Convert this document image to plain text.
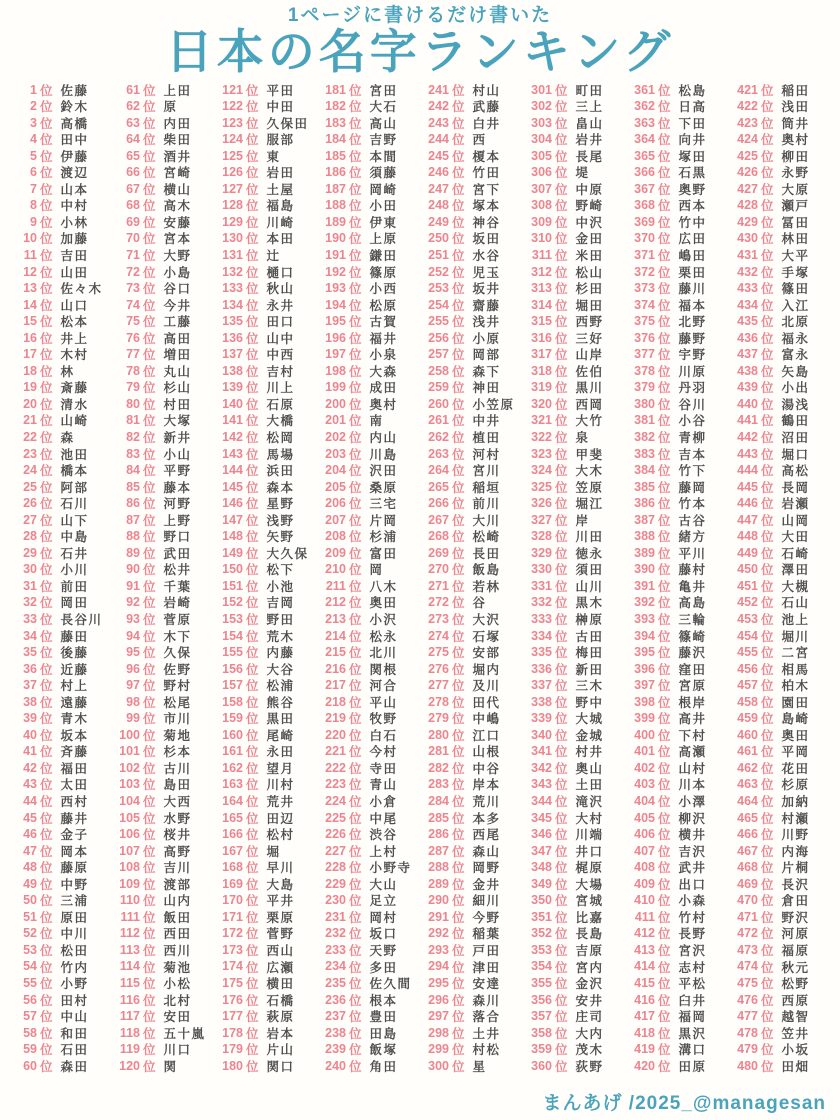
1ページに書けるだけ書いた
日本の名字ランキング
1 位 佐藤
2 位 鈴木
3 位 高橋
4 位 田中
5 位 伊藤
6 位 渡辺
7 位 山本
8 位 中村
9 位 小林
10 位 加藤
11 位 吉田
12 位 山田
13 位 佐々木
14 位 山口
15 位 松本
16 位 井上
17 位 木村
18 位 林
19 位 斎藤
20 位 清水
21 位 山崎
22 位 森
23 位 池田
24 位 橋本
25 位 阿部
26 位 石川
27 位 山下
28 位 中島
29 位 石井
30 位 小川
31 位 前田
32 位 岡田
33 位 長谷川
34 位 藤田
35 位 後藤
36 位 近藤
37 位 村上
38 位 遠藤
39 位 青木
40 位 坂本
41 位 斉藤
42 位 福田
43 位 太田
44 位 西村
45 位 藤井
46 位 金子
47 位 岡本
48 位 藤原
49 位 中野
50 位 三浦
51 位 原田
52 位 中川
53 位 松田
54 位 竹内
55 位 小野
56 位 田村
57 位 中山
58 位 和田
59 位 石田
60 位 森田
61 位 上田
62 位 原
63 位 内田
64 位 柴田
65 位 酒井
66 位 宮崎
67 位 横山
68 位 高木
69 位 安藤
70 位 宮本
71 位 大野
72 位 小島
73 位 谷口
74 位 今井
75 位 工藤
76 位 高田
77 位 増田
78 位 丸山
79 位 杉山
80 位 村田
81 位 大塚
82 位 新井
83 位 小山
84 位 平野
85 位 藤本
86 位 河野
87 位 上野
88 位 野口
89 位 武田
90 位 松井
91 位 千葉
92 位 岩崎
93 位 菅原
94 位 木下
95 位 久保
96 位 佐野
97 位 野村
98 位 松尾
99 位 市川
100 位 菊地
101 位 杉本
102 位 古川
103 位 島田
104 位 大西
105 位 水野
106 位 桜井
107 位 高野
108 位 吉川
109 位 渡部
110 位 山内
111 位 飯田
112 位 西田
113 位 西川
114 位 菊池
115 位 小松
116 位 北村
117 位 安田
118 位 五十嵐
119 位 川口
120 位 関
121 位 平田
122 位 中田
123 位 久保田
124 位 服部
125 位 東
126 位 岩田
127 位 土屋
128 位 福島
129 位 川崎
130 位 本田
131 位 辻
132 位 樋口
133 位 秋山
134 位 永井
135 位 田口
136 位 山中
137 位 中西
138 位 吉村
139 位 川上
140 位 石原
141 位 大橋
142 位 松岡
143 位 馬場
144 位 浜田
145 位 森本
146 位 星野
147 位 浅野
148 位 矢野
149 位 大久保
150 位 松下
151 位 小池
152 位 吉岡
153 位 野田
154 位 荒木
155 位 内藤
156 位 大谷
157 位 松浦
158 位 熊谷
159 位 黒田
160 位 尾崎
161 位 永田
162 位 望月
163 位 川村
164 位 荒井
165 位 田辺
166 位 松村
167 位 堀
168 位 早川
169 位 大島
170 位 平井
171 位 栗原
172 位 菅野
173 位 西山
174 位 広瀬
175 位 横田
176 位 石橋
177 位 萩原
178 位 岩本
179 位 片山
180 位 関口
181 位 宮田
182 位 大石
183 位 高山
184 位 吉野
185 位 本間
186 位 須藤
187 位 岡崎
188 位 小田
189 位 伊東
190 位 上原
191 位 鎌田
192 位 篠原
193 位 小西
194 位 松原
195 位 古賀
196 位 福井
197 位 小泉
198 位 大森
199 位 成田
200 位 奥村
201 位 南
202 位 内山
203 位 川島
204 位 沢田
205 位 桑原
206 位 三宅
207 位 片岡
208 位 杉浦
209 位 富田
210 位 岡
211 位 八木
212 位 奥田
213 位 小沢
214 位 松永
215 位 北川
216 位 関根
217 位 河合
218 位 平山
219 位 牧野
220 位 白石
221 位 今村
222 位 寺田
223 位 青山
224 位 小倉
225 位 中尾
226 位 渋谷
227 位 上村
228 位 小野寺
229 位 大山
230 位 足立
231 位 岡村
232 位 坂口
233 位 天野
234 位 多田
235 位 佐久間
236 位 根本
237 位 豊田
238 位 田島
239 位 飯塚
240 位 角田
241 位 村山
242 位 武藤
243 位 白井
244 位 西
245 位 榎本
246 位 竹田
247 位 宮下
248 位 塚本
249 位 神谷
250 位 坂田
251 位 水谷
252 位 児玉
253 位 坂井
254 位 齋藤
255 位 浅井
256 位 小原
257 位 岡部
258 位 森下
259 位 神田
260 位 小笠原
261 位 中井
262 位 植田
263 位 河村
264 位 宮川
265 位 稲垣
266 位 前川
267 位 大川
268 位 松崎
269 位 長田
270 位 飯島
271 位 若林
272 位 谷
273 位 大沢
274 位 石塚
275 位 安部
276 位 堀内
277 位 及川
278 位 田代
279 位 中嶋
280 位 江口
281 位 山根
282 位 中谷
283 位 岸本
284 位 荒川
285 位 本多
286 位 西尾
287 位 森山
288 位 岡野
289 位 金井
290 位 細川
291 位 今野
292 位 稲葉
293 位 戸田
294 位 津田
295 位 安達
296 位 森川
297 位 落合
298 位 土井
299 位 村松
300 位 星
301 位 町田
302 位 三上
303 位 畠山
304 位 岩井
305 位 長尾
306 位 堤
307 位 中原
308 位 野崎
309 位 中沢
310 位 金田
311 位 米田
312 位 松山
313 位 杉田
314 位 堀田
315 位 西野
316 位 三好
317 位 山岸
318 位 佐伯
319 位 黒川
320 位 西岡
321 位 大竹
322 位 泉
323 位 甲斐
324 位 大木
325 位 笠原
326 位 堀江
327 位 岸
328 位 川田
329 位 徳永
330 位 須田
331 位 山川
332 位 黒木
333 位 榊原
334 位 古田
335 位 梅田
336 位 新田
337 位 三木
338 位 野中
339 位 大城
340 位 金城
341 位 村井
342 位 奥山
343 位 土田
344 位 滝沢
345 位 大村
346 位 川端
347 位 井口
348 位 梶原
349 位 大場
350 位 宮城
351 位 比嘉
352 位 長島
353 位 吉原
354 位 宮内
355 位 金沢
356 位 安井
357 位 庄司
358 位 大内
359 位 茂木
360 位 荻野
361 位 松島
362 位 日高
363 位 下田
364 位 向井
365 位 塚田
366 位 石黒
367 位 奥野
368 位 西本
369 位 竹中
370 位 広田
371 位 嶋田
372 位 栗田
373 位 藤川
374 位 福本
375 位 北野
376 位 藤野
377 位 宇野
378 位 川原
379 位 丹羽
380 位 谷川
381 位 小谷
382 位 青柳
383 位 吉本
384 位 竹下
385 位 藤岡
386 位 竹本
387 位 古谷
388 位 緒方
389 位 平川
390 位 藤村
391 位 亀井
392 位 高島
393 位 三輪
394 位 篠崎
395 位 藤沢
396 位 窪田
397 位 宮原
398 位 根岸
399 位 高井
400 位 下村
401 位 高瀬
402 位 山村
403 位 川本
404 位 小澤
405 位 柳沢
406 位 横井
407 位 吉沢
408 位 武井
409 位 出口
410 位 小森
411 位 竹村
412 位 長野
413 位 宮沢
414 位 志村
415 位 平松
416 位 臼井
417 位 福岡
418 位 黒沢
419 位 溝口
420 位 田原
421 位 稲田
422 位 浅田
423 位 筒井
424 位 奥村
425 位 柳田
426 位 永野
427 位 大原
428 位 瀬戸
429 位 冨田
430 位 林田
431 位 大平
432 位 手塚
433 位 篠田
434 位 入江
435 位 北原
436 位 福永
437 位 富永
438 位 矢島
439 位 小出
440 位 湯浅
441 位 鶴田
442 位 沼田
443 位 堀口
444 位 高松
445 位 長岡
446 位 岩瀬
447 位 山岡
448 位 大田
449 位 石崎
450 位 澤田
451 位 大槻
452 位 石山
453 位 池上
454 位 堀川
455 位 二宮
456 位 相馬
457 位 柏木
458 位 園田
459 位 島崎
460 位 奥田
461 位 平岡
462 位 花田
463 位 杉原
464 位 加納
465 位 村瀬
466 位 川野
467 位 内海
468 位 片桐
469 位 長沢
470 位 倉田
471 位 野沢
472 位 河原
473 位 福原
474 位 秋元
475 位 松野
476 位 西原
477 位 越智
478 位 笠井
479 位 小坂
480 位 田畑
まんあげ /2025_@managesan
